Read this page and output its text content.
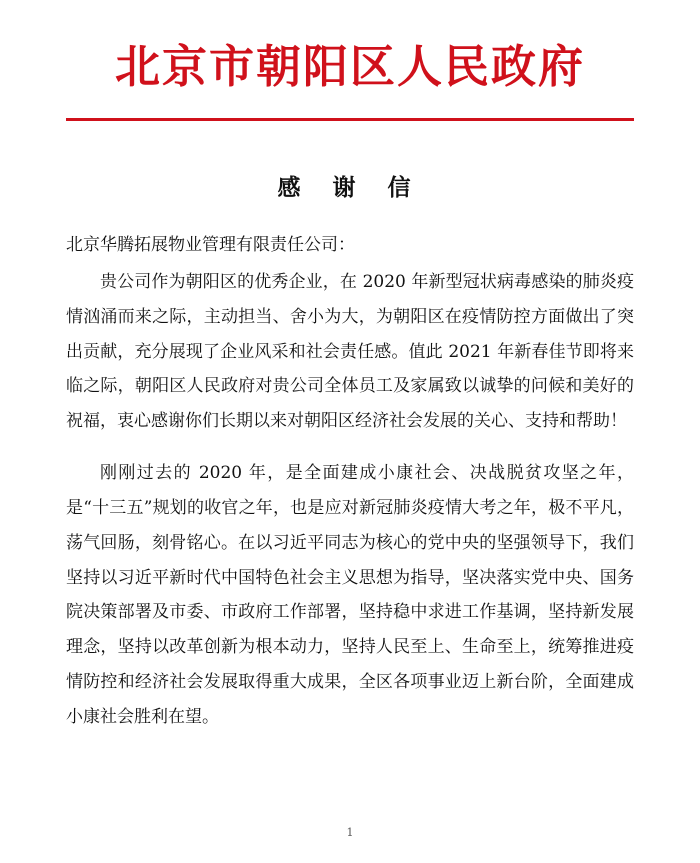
北京市朝阳区人民政府
感 谢 信
北京华腾拓展物业管理有限责任公司：

贵公司作为朝阳区的优秀企业，在 2020 年新型冠状病毒感染的肺炎疫情汹涌而来之际，主动担当、舍小为大，为朝阳区在疫情防控方面做出了突出贡献，充分展现了企业风采和社会责任感。值此 2021 年新春佳节即将来临之际，朝阳区人民政府对贵公司全体员工及家属致以诚挚的问候和美好的祝福，衷心感谢你们长期以来对朝阳区经济社会发展的关心、支持和帮助！

刚刚过去的 2020 年，是全面建成小康社会、决战脱贫攻坚之年，是“十三五”规划的收官之年，也是应对新冠肺炎疫情大考之年，极不平凡，荡气回肠，刻骨铭心。在以习近平同志为核心的党中央的坚强领导下，我们坚持以习近平新时代中国特色社会主义思想为指导，坚决落实党中央、国务院决策部署及市委、市政府工作部署，坚持稳中求进工作基调，坚持新发展理念，坚持以改革创新为根本动力，坚持人民至上、生命至上，统筹推进疫情防控和经济社会发展取得重大成果，全区各项事业迈上新台阶，全面建成小康社会胜利在望。

1
